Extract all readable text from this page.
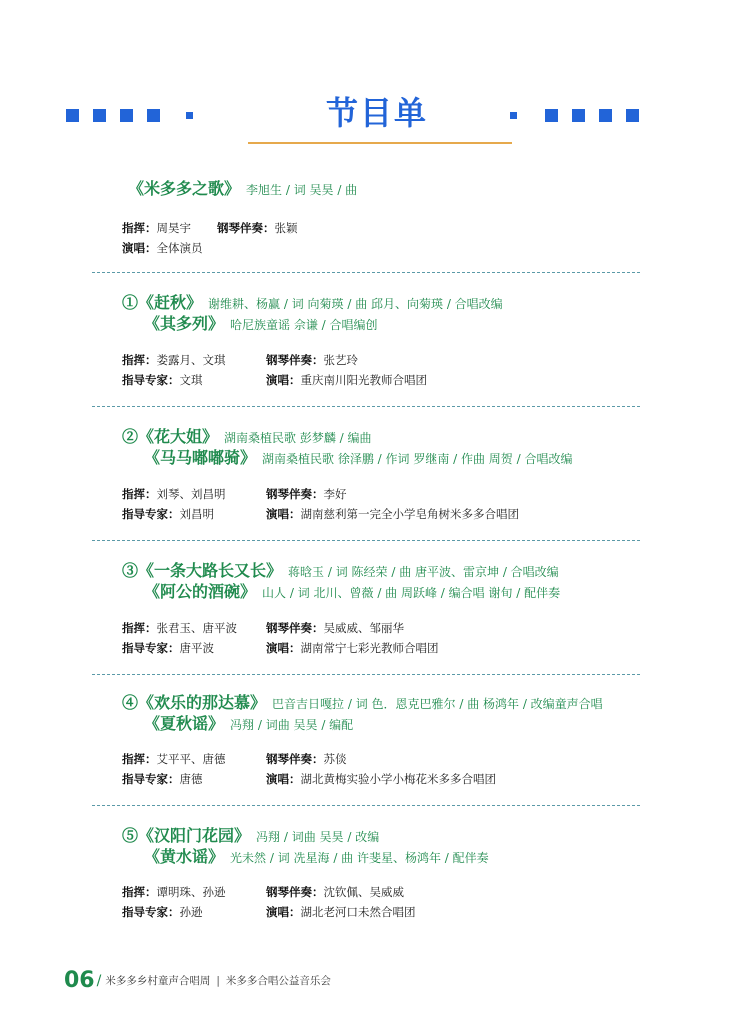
节目单
《米多多之歌》 李旭生 / 词 吴昊 / 曲
指挥：周昊宇 钢琴伴奏：张颖
演唱：全体演员
①《赶秋》 谢维耕、杨赢 / 词 向菊瑛 / 曲 邱月、向菊瑛 / 合唱改编
《其多列》 哈尼族童谣 佘谦 / 合唱编创
指挥：娄露月、文琪	钢琴伴奏：张艺玲
指导专家：文琪	演唱：重庆南川阳光教师合唱团
②《花大姐》 湖南桑植民歌 彭梦麟 / 编曲
《马马嘟嘟骑》 湖南桑植民歌 徐泽鹏 / 作词 罗继南 / 作曲 周贺 / 合唱改编
指挥：刘琴、刘昌明	钢琴伴奏：李好
指导专家：刘昌明	演唱：湖南慈利第一完全小学皂角树米多多合唱团
③《一条大路长又长》 蒋晗玉 / 词 陈经荣 / 曲 唐平波、雷京坤 / 合唱改编
《阿公的酒碗》 山人 / 词 北川、曾薇 / 曲 周跃峰 / 编合唱 谢旬 / 配伴奏
指挥：张君玉、唐平波	钢琴伴奏：吴威威、邹丽华
指导专家：唐平波	演唱：湖南常宁七彩光教师合唱团
④《欢乐的那达慕》 巴音吉日嘎拉 / 词 色．恩克巴雅尔 / 曲 杨鸿年 / 改编童声合唱
《夏秋谣》 冯翔 / 词曲 吴昊 / 编配
指挥：艾平平、唐德	钢琴伴奏：苏倓
指导专家：唐德	演唱：湖北黄梅实验小学小梅花米多多合唱团
⑤《汉阳门花园》 冯翔 / 词曲 吴昊 / 改编
《黄水谣》 光未然 / 词 冼星海 / 曲 许斐星、杨鸿年 / 配伴奏
指挥：谭明珠、孙逊	钢琴伴奏：沈钦佩、吴威威
指导专家：孙逊	演唱：湖北老河口未然合唱团
06 / 米多多乡村童声合唱周 | 米多多合唱公益音乐会
